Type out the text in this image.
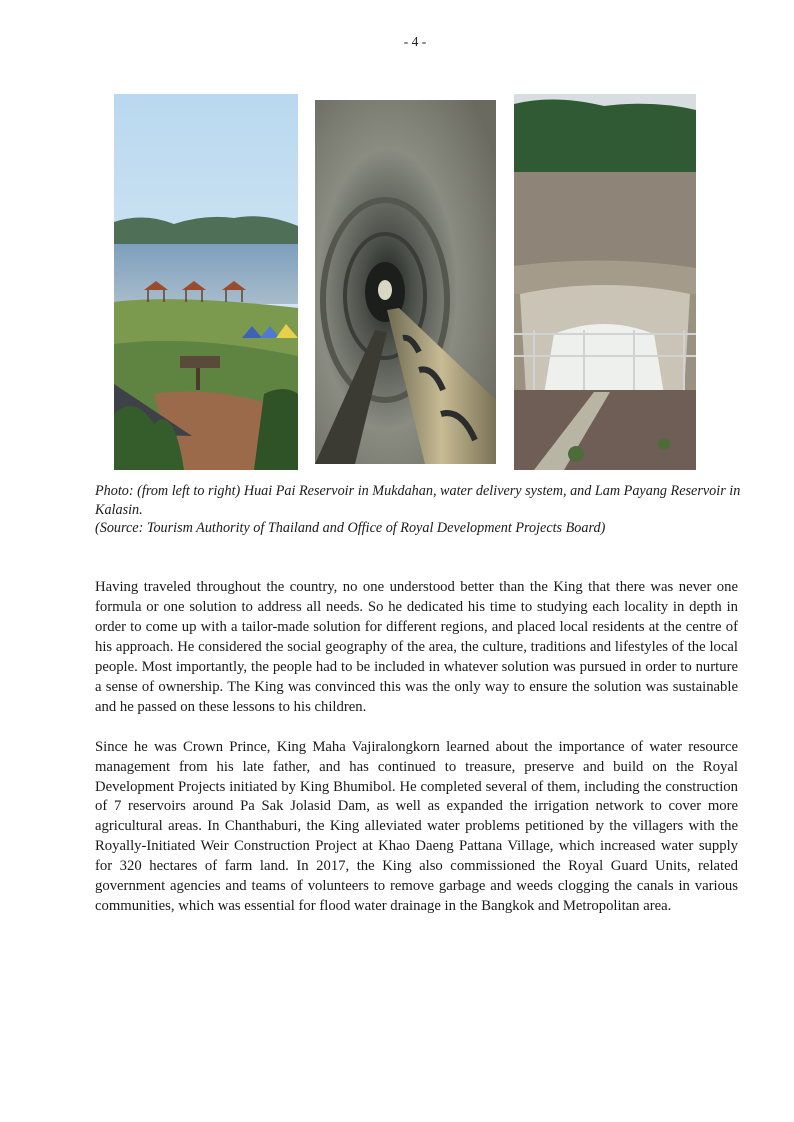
- 4 -

Photo: (from left to right) Huai Pai Reservoir in Mukdahan, water delivery system, and Lam Payang Reservoir in Kalasin.

(Source: Tourism Authority of Thailand and Office of Royal Development Projects Board)

Having traveled throughout the country, no one understood better than the King that there was never one formula or one solution to address all needs. So he dedicated his time to studying each locality in depth in order to come up with a tailor-made solution for different regions, and placed local residents at the centre of his approach. He considered the social geography of the area, the culture, traditions and lifestyles of the local people. Most importantly, the people had to be included in whatever solution was pursued in order to nurture a sense of ownership. The King was convinced this was the only way to ensure the solution was sustainable and he passed on these lessons to his children.

Since he was Crown Prince, King Maha Vajiralongkorn learned about the importance of water resource management from his late father, and has continued to treasure, preserve and build on the Royal Development Projects initiated by King Bhumibol. He completed several of them, including the construction of 7 reservoirs around Pa Sak Jolasid Dam, as well as expanded the irrigation network to cover more agricultural areas. In Chanthaburi, the King alleviated water problems petitioned by the villagers with the Royally-Initiated Weir Construction Project at Khao Daeng Pattana Village, which increased water supply for 320 hectares of farm land. In 2017, the King also commissioned the Royal Guard Units, related government agencies and teams of volunteers to remove garbage and weeds clogging the canals in various communities, which was essential for flood water drainage in the Bangkok and Metropolitan area.
